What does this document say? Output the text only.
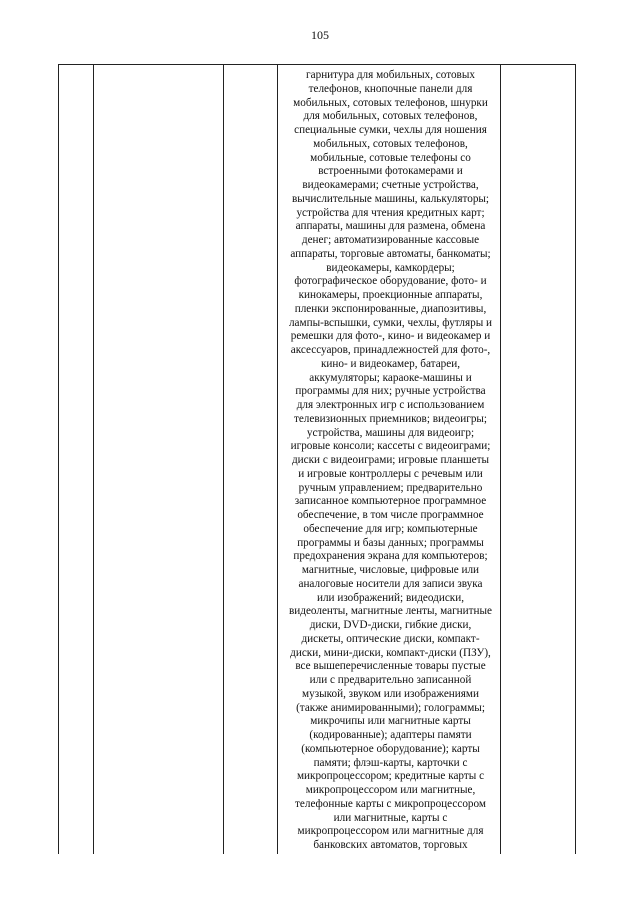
105
гарнитура для мобильных, сотовых
телефонов, кнопочные панели для
мобильных, сотовых телефонов, шнурки
для мобильных, сотовых телефонов,
специальные сумки, чехлы для ношения
мобильных, сотовых телефонов,
мобильные, сотовые телефоны со
встроенными фотокамерами и
видеокамерами; счетные устройства,
вычислительные машины, калькуляторы;
устройства для чтения кредитных карт;
аппараты, машины для размена, обмена
денег; автоматизированные кассовые
аппараты, торговые автоматы, банкоматы;
видеокамеры, камкордеры;
фотографическое оборудование, фото- и
кинокамеры, проекционные аппараты,
пленки экспонированные, диапозитивы,
лампы-вспышки, сумки, чехлы, футляры и
ремешки для фото-, кино- и видеокамер и
аксессуаров, принадлежностей для фото-,
кино- и видеокамер, батареи,
аккумуляторы; караоке-машины и
программы для них; ручные устройства
для электронных игр с использованием
телевизионных приемников; видеоигры;
устройства, машины для видеоигр;
игровые консоли; кассеты с видеоиграми;
диски с видеоиграми; игровые планшеты
и игровые контроллеры с речевым или
ручным управлением; предварительно
записанное компьютерное программное
обеспечение, в том числе программное
обеспечение для игр; компьютерные
программы и базы данных; программы
предохранения экрана для компьютеров;
магнитные, числовые, цифровые или
аналоговые носители для записи звука
или изображений; видеодиски,
видеоленты, магнитные ленты, магнитные
диски, DVD-диски, гибкие диски,
дискеты, оптические диски, компакт-
диски, мини-диски, компакт-диски (ПЗУ),
все вышеперечисленные товары пустые
или с предварительно записанной
музыкой, звуком или изображениями
(также анимированными); голограммы;
микрочипы или магнитные карты
(кодированные); адаптеры памяти
(компьютерное оборудование); карты
памяти; флэш-карты, карточки с
микропроцессором; кредитные карты с
микропроцессором или магнитные,
телефонные карты с микропроцессором
или магнитные, карты с
микропроцессором или магнитные для
банковских автоматов, торговых
